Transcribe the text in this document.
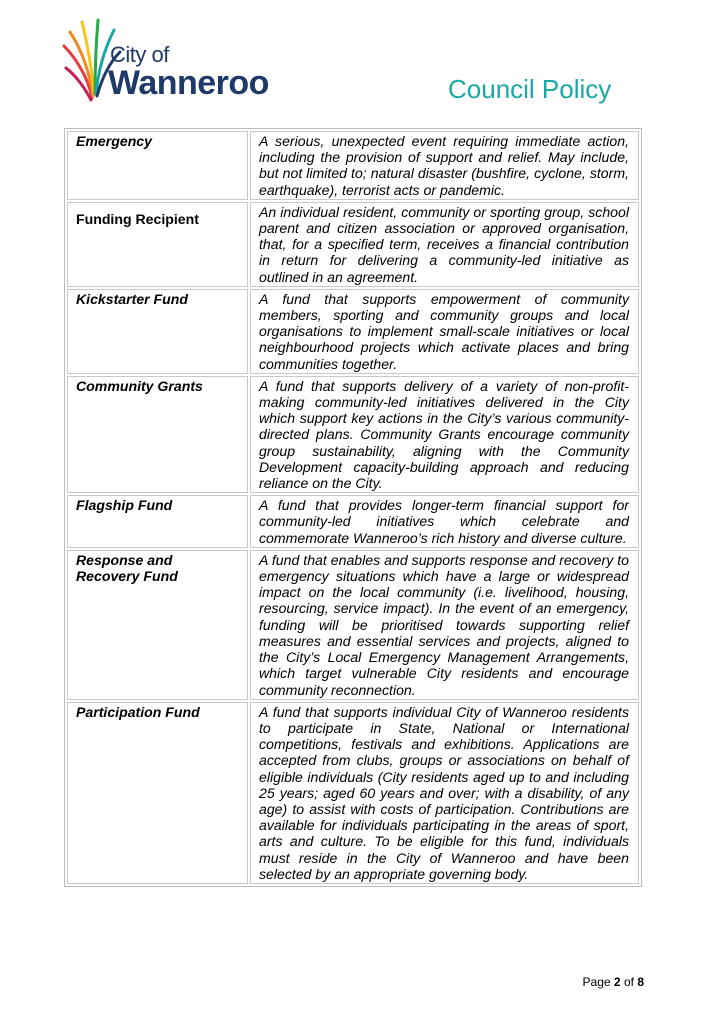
City of
Wanneroo	Council Policy
Emergency	A serious, unexpected event requiring immediate action, including the provision of support and relief. May include, but not limited to; natural disaster (bushfire, cyclone, storm, earthquake), terrorist acts or pandemic.
Funding Recipient	An individual resident, community or sporting group, school parent and citizen association or approved organisation, that, for a specified term, receives a financial contribution in return for delivering a community-led initiative as outlined in an agreement.
Kickstarter Fund	A fund that supports empowerment of community members, sporting and community groups and local organisations to implement small-scale initiatives or local neighbourhood projects which activate places and bring communities together.
Community Grants	A fund that supports delivery of a variety of non-profit-making community-led initiatives delivered in the City which support key actions in the City’s various community-directed plans. Community Grants encourage community group sustainability, aligning with the Community Development capacity-building approach and reducing reliance on the City.
Flagship Fund	A fund that provides longer-term financial support for community-led initiatives which celebrate and commemorate Wanneroo’s rich history and diverse culture.
Response and Recovery Fund	A fund that enables and supports response and recovery to emergency situations which have a large or widespread impact on the local community (i.e. livelihood, housing, resourcing, service impact). In the event of an emergency, funding will be prioritised towards supporting relief measures and essential services and projects, aligned to the City’s Local Emergency Management Arrangements, which target vulnerable City residents and encourage community reconnection.
Participation Fund	A fund that supports individual City of Wanneroo residents to participate in State, National or International competitions, festivals and exhibitions. Applications are accepted from clubs, groups or associations on behalf of eligible individuals (City residents aged up to and including 25 years; aged 60 years and over; with a disability, of any age) to assist with costs of participation. Contributions are available for individuals participating in the areas of sport, arts and culture. To be eligible for this fund, individuals must reside in the City of Wanneroo and have been selected by an appropriate governing body.
Page 2 of 8
